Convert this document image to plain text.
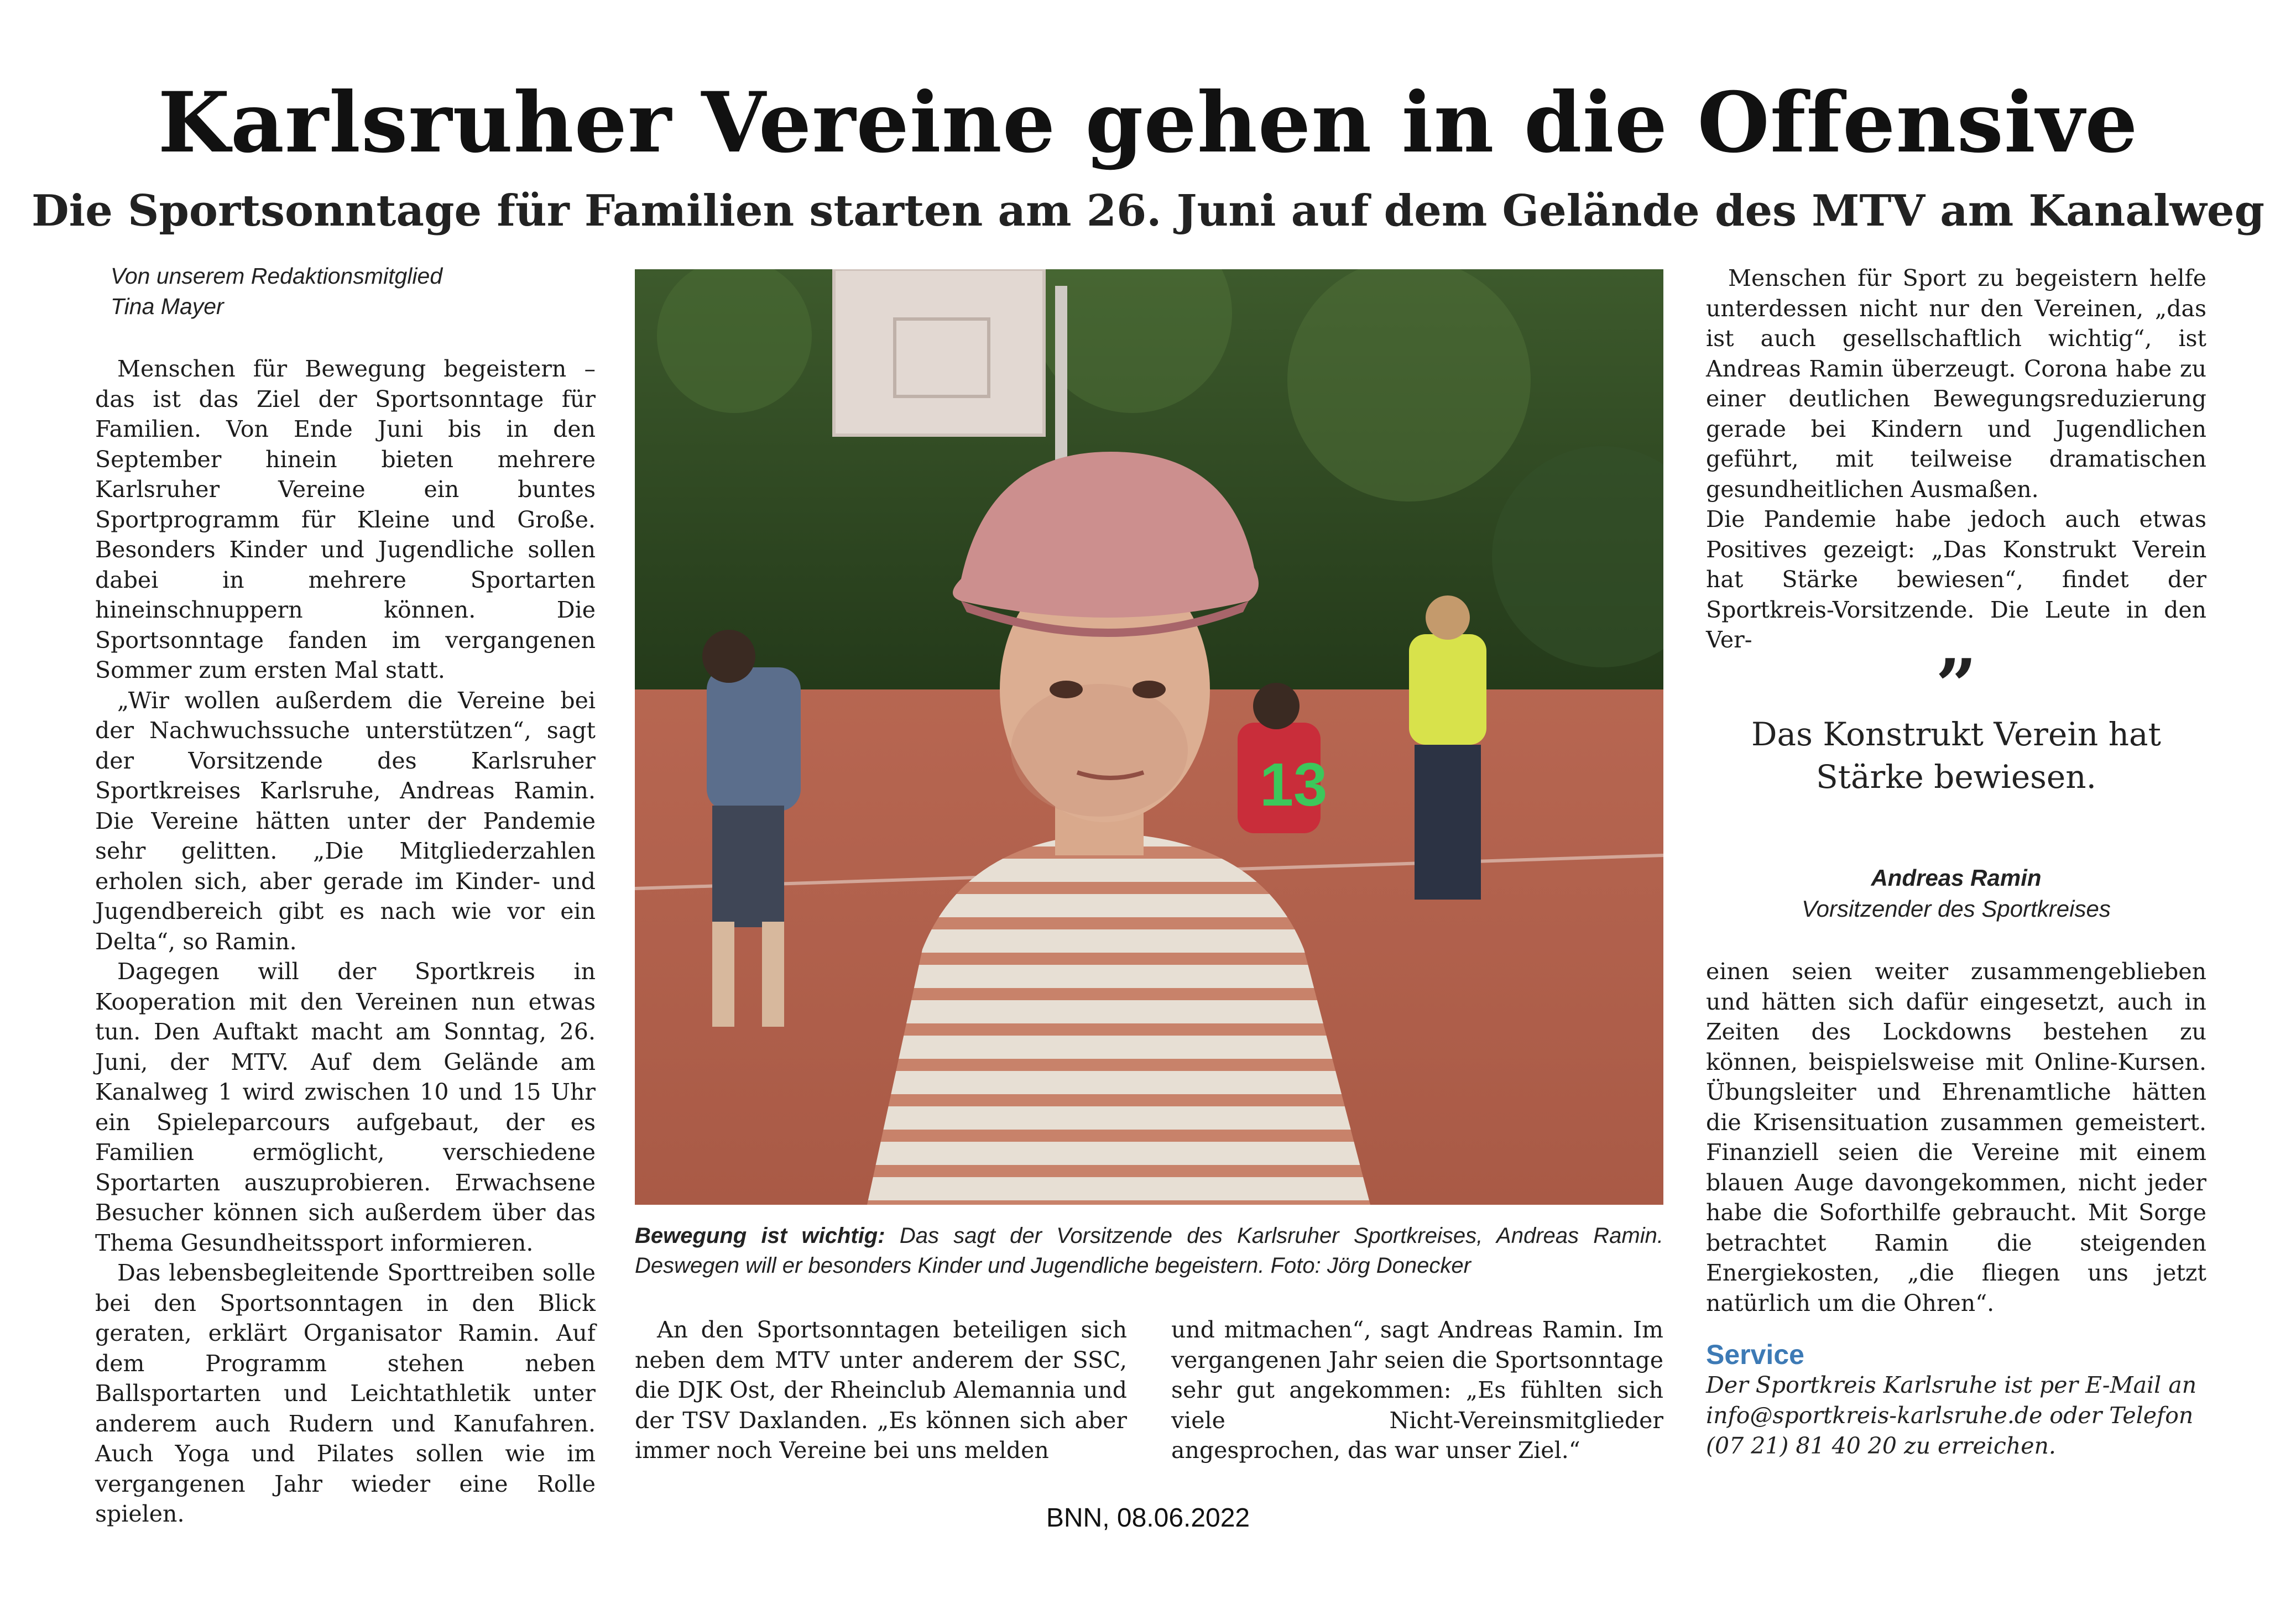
Karlsruher Vereine gehen in die Offensive
Die Sportsonntage für Familien starten am 26. Juni auf dem Gelände des MTV am Kanalweg
Von unserem Redaktionsmitglied
Tina Mayer

Menschen für Bewegung begeistern – das ist das Ziel der Sportsonntage für Familien. Von Ende Juni bis in den September hinein bieten mehrere Karlsruher Vereine ein buntes Sportprogramm für Kleine und Große. Besonders Kinder und Jugendliche sollen dabei in mehrere Sportarten hineinschnuppern können. Die Sportsonntage fanden im vergangenen Sommer zum ersten Mal statt.

„Wir wollen außerdem die Vereine bei der Nachwuchssuche unterstützen“, sagt der Vorsitzende des Karlsruher Sportkreises Karlsruhe, Andreas Ramin. Die Vereine hätten unter der Pandemie sehr gelitten. „Die Mitgliederzahlen erholen sich, aber gerade im Kinder- und Jugendbereich gibt es nach wie vor ein Delta“, so Ramin.

Dagegen will der Sportkreis in Kooperation mit den Vereinen nun etwas tun. Den Auftakt macht am Sonntag, 26. Juni, der MTV. Auf dem Gelände am Kanalweg 1 wird zwischen 10 und 15 Uhr ein Spieleparcours aufgebaut, der es Familien ermöglicht, verschiedene Sportarten auszuprobieren. Erwachsene Besucher können sich außerdem über das Thema Gesundheitssport informieren.

Das lebensbegleitende Sporttreiben solle bei den Sportsonntagen in den Blick geraten, erklärt Organisator Ramin. Auf dem Programm stehen neben Ballsportarten und Leichtathletik unter anderem auch Rudern und Kanufahren. Auch Yoga und Pilates sollen wie im vergangenen Jahr wieder eine Rolle spielen.

13
Bewegung ist wichtig: Das sagt der Vorsitzende des Karlsruher Sportkreises, Andreas Ramin. Deswegen will er besonders Kinder und Jugendliche begeistern. Foto: Jörg Donecker

An den Sportsonntagen beteiligen sich neben dem MTV unter anderem der SSC, die DJK Ost, der Rheinclub Alemannia und der TSV Daxlanden. „Es können sich aber immer noch Vereine bei uns melden

und mitmachen“, sagt Andreas Ramin. Im vergangenen Jahr seien die Sportsonntage sehr gut angekommen: „Es fühlten sich viele Nicht-Vereinsmitglieder angesprochen, das war unser Ziel.“

Menschen für Sport zu begeistern helfe unterdessen nicht nur den Vereinen, „das ist auch gesellschaftlich wichtig“, ist Andreas Ramin überzeugt. Corona habe zu einer deutlichen Bewegungsreduzierung gerade bei Kindern und Jugendlichen geführt, mit teilweise dramatischen gesundheitlichen Ausmaßen.

Die Pandemie habe jedoch auch etwas Positives gezeigt: „Das Konstrukt Verein hat Stärke bewiesen“, findet der Sportkreis-Vorsitzende. Die Leute in den Ver-

”
Das Konstrukt Verein hat Stärke bewiesen.
Andreas Ramin
Vorsitzender des Sportkreises

einen seien weiter zusammengeblieben und hätten sich dafür eingesetzt, auch in Zeiten des Lockdowns bestehen zu können, beispielsweise mit Online-Kursen. Übungsleiter und Ehrenamtliche hätten die Krisensituation zusammen gemeistert. Finanziell seien die Vereine mit einem blauen Auge davongekommen, nicht jeder habe die Soforthilfe gebraucht. Mit Sorge betrachtet Ramin die steigenden Energiekosten, „die fliegen uns jetzt natürlich um die Ohren“.

Service
Der Sportkreis Karlsruhe ist per E-Mail an info@sportkreis-karlsruhe.de oder Telefon (07 21) 81 40 20 zu erreichen.
BNN, 08.06.2022
